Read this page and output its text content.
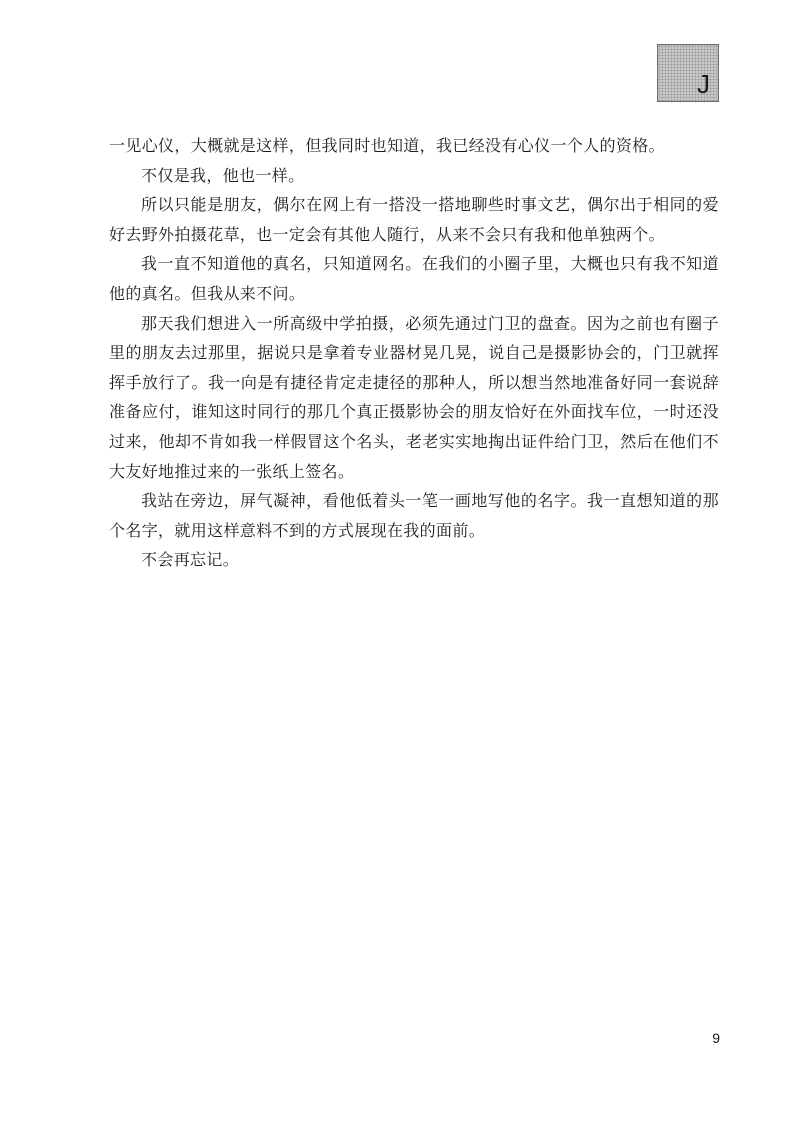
J

一见心仪，大概就是这样，但我同时也知道，我已经没有心仪一个人的资格。

不仅是我，他也一样。

所以只能是朋友，偶尔在网上有一搭没一搭地聊些时事文艺，偶尔出于相同的爱好去野外拍摄花草，也一定会有其他人随行，从来不会只有我和他单独两个。

我一直不知道他的真名，只知道网名。在我们的小圈子里，大概也只有我不知道他的真名。但我从来不问。

那天我们想进入一所高级中学拍摄，必须先通过门卫的盘查。因为之前也有圈子里的朋友去过那里，据说只是拿着专业器材晃几晃，说自己是摄影协会的，门卫就挥挥手放行了。我一向是有捷径肯定走捷径的那种人，所以想当然地准备好同一套说辞准备应付，谁知这时同行的那几个真正摄影协会的朋友恰好在外面找车位，一时还没过来，他却不肯如我一样假冒这个名头，老老实实地掏出证件给门卫，然后在他们不大友好地推过来的一张纸上签名。

我站在旁边，屏气凝神，看他低着头一笔一画地写他的名字。我一直想知道的那个名字，就用这样意料不到的方式展现在我的面前。

不会再忘记。

9
